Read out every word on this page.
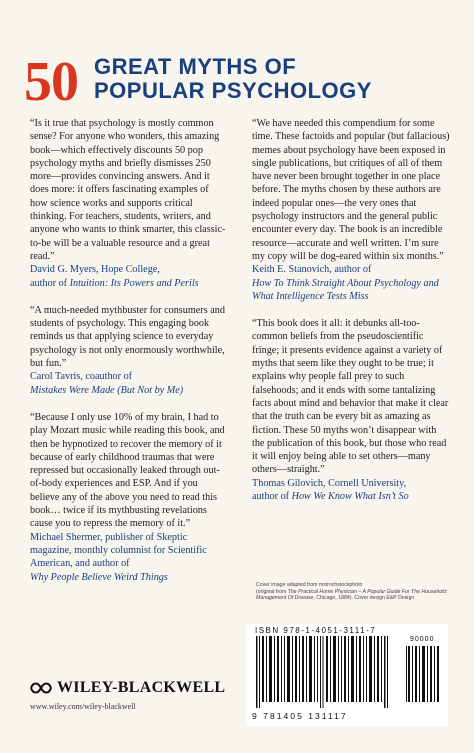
50 GREAT MYTHS OF
POPULAR PSYCHOLOGY

“Is it true that psychology is mostly common sense? For anyone who wonders, this amazing book—which effectively discounts 50 pop psychology myths and briefly dismisses 250 more—provides convincing answers. And it does more: it offers fascinating examples of how science works and supports critical thinking. For teachers, students, writers, and anyone who wants to think smarter, this classic-to-be will be a valuable resource and a great read.”
David G. Myers, Hope College,
author of Intuition: Its Powers and Perils

“A much-needed mythbuster for consumers and students of psychology. This engaging book reminds us that applying science to everyday psychology is not only enormously worthwhile, but fun.”
Carol Tavris, coauthor of
Mistakes Were Made (But Not by Me)

“Because I only use 10% of my brain, I had to play Mozart music while reading this book, and then be hypnotized to recover the memory of it because of early childhood traumas that were repressed but occasionally leaked through out-of-body experiences and ESP. And if you believe any of the above you need to read this book… twice if its mythbusting revelations cause you to repress the memory of it.”
Michael Shermer, publisher of Skeptic magazine, monthly columnist for Scientific American, and author of
Why People Believe Weird Things

“We have needed this compendium for some time. These factoids and popular (but fallacious) memes about psychology have been exposed in single publications, but critiques of all of them have never been brought together in one place before. The myths chosen by these authors are indeed popular ones—the very ones that psychology instructors and the general public encounter every day. The book is an incredible resource—accurate and well written. I’m sure my copy will be dog-eared within six months.”
Keith E. Stanovich, author of
How To Think Straight About Psychology and What Intelligence Tests Miss

“This book does it all: it debunks all-too-common beliefs from the pseudoscientific fringe; it presents evidence against a variety of myths that seem like they ought to be true; it explains why people fall prey to such falsehoods; and it ends with some tantalizing facts about mind and behavior that make it clear that the truth can be every bit as amazing as fiction. These 50 myths won’t disappear with the publication of this book, but those who read it will enjoy being able to set others—many others—straight.”
Thomas Gilovich, Cornell University,
author of How We Know What Isn’t So

Cover image adapted from mstrochstockphoto
(original from The Practical Home Physician – A Popular Guide For The Household Management Of Disease, Chicago, 1884). Cover design E&P Design
WILEY-BLACKWELL
www.wiley.com/wiley-blackwell
ISBN 978-1-4051-3111-7
90000
9 781405 131117
